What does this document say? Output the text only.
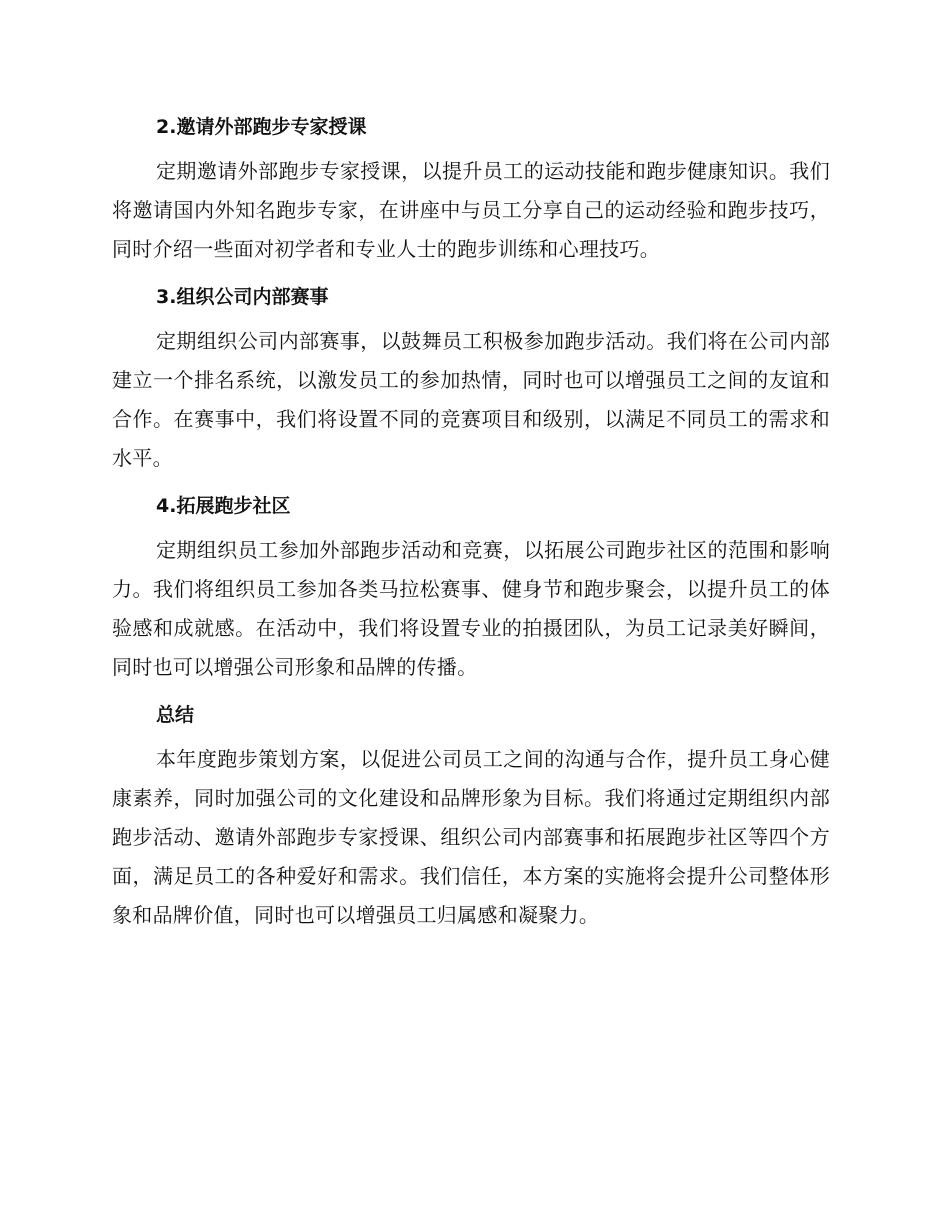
2.邀请外部跑步专家授课

定期邀请外部跑步专家授课，以提升员工的运动技能和跑步健康知识。我们将邀请国内外知名跑步专家，在讲座中与员工分享自己的运动经验和跑步技巧，同时介绍一些面对初学者和专业人士的跑步训练和心理技巧。

3.组织公司内部赛事

定期组织公司内部赛事，以鼓舞员工积极参加跑步活动。我们将在公司内部建立一个排名系统，以激发员工的参加热情，同时也可以增强员工之间的友谊和合作。在赛事中，我们将设置不同的竞赛项目和级别，以满足不同员工的需求和水平。

4.拓展跑步社区

定期组织员工参加外部跑步活动和竞赛，以拓展公司跑步社区的范围和影响力。我们将组织员工参加各类马拉松赛事、健身节和跑步聚会，以提升员工的体验感和成就感。在活动中，我们将设置专业的拍摄团队，为员工记录美好瞬间，同时也可以增强公司形象和品牌的传播。

总结

本年度跑步策划方案，以促进公司员工之间的沟通与合作，提升员工身心健康素养，同时加强公司的文化建设和品牌形象为目标。我们将通过定期组织内部跑步活动、邀请外部跑步专家授课、组织公司内部赛事和拓展跑步社区等四个方面，满足员工的各种爱好和需求。我们信任，本方案的实施将会提升公司整体形象和品牌价值，同时也可以增强员工归属感和凝聚力。
